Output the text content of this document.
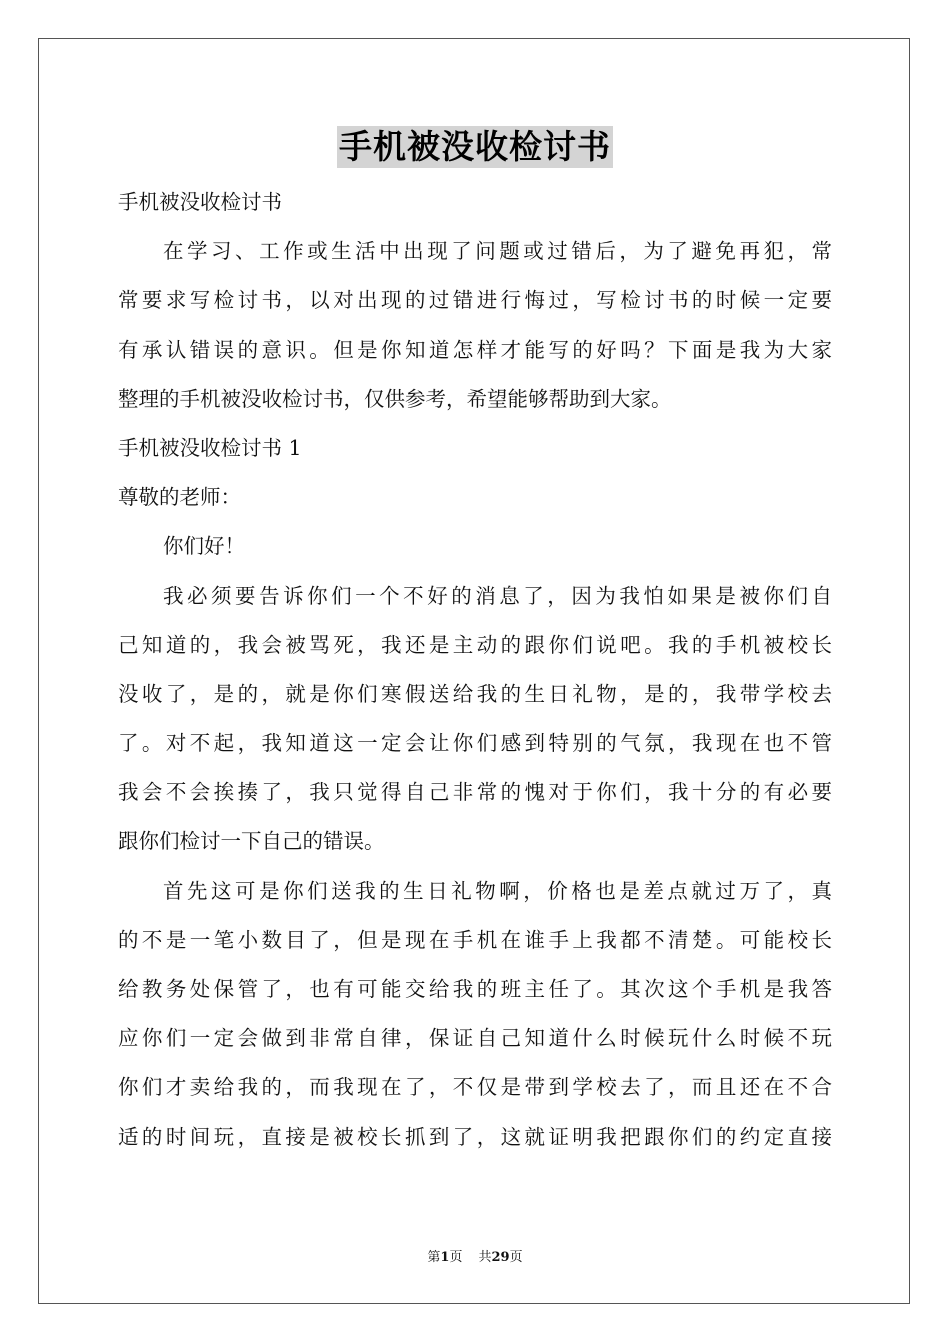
手机被没收检讨书
手机被没收检讨书
在学习、工作或生活中出现了问题或过错后，为了避免再犯，常
常要求写检讨书，以对出现的过错进行悔过，写检讨书的时候一定要
有承认错误的意识。但是你知道怎样才能写的好吗？下面是我为大家
整理的手机被没收检讨书，仅供参考，希望能够帮助到大家。
手机被没收检讨书 1
尊敬的老师：
你们好！
我必须要告诉你们一个不好的消息了，因为我怕如果是被你们自
己知道的，我会被骂死，我还是主动的跟你们说吧。我的手机被校长
没收了，是的，就是你们寒假送给我的生日礼物，是的，我带学校去
了。对不起，我知道这一定会让你们感到特别的气氛，我现在也不管
我会不会挨揍了，我只觉得自己非常的愧对于你们，我十分的有必要
跟你们检讨一下自己的错误。
首先这可是你们送我的生日礼物啊，价格也是差点就过万了，真
的不是一笔小数目了，但是现在手机在谁手上我都不清楚。可能校长
给教务处保管了，也有可能交给我的班主任了。其次这个手机是我答
应你们一定会做到非常自律，保证自己知道什么时候玩什么时候不玩
你们才卖给我的，而我现在了，不仅是带到学校去了，而且还在不合
适的时间玩，直接是被校长抓到了，这就证明我把跟你们的约定直接
第1页 共29页
